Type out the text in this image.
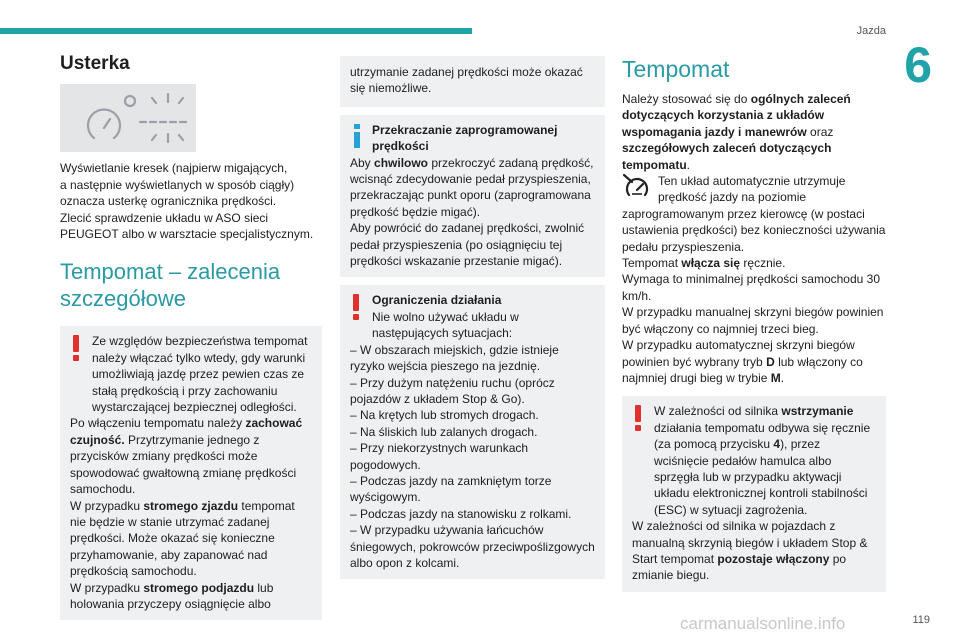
Jazda
6
Usterka
Wyświetlanie kresek (najpierw migających,
a następnie wyświetlanych w sposób ciągły)
oznacza usterkę ogranicznika prędkości.
Zlecić sprawdzenie układu w ASO sieci
PEUGEOT albo w warsztacie specjalistycznym.
Tempomat – zalecenia
szczegółowe

Ze względów bezpieczeństwa tempomat należy włączać tylko wtedy, gdy warunki umożliwiają jazdę przez pewien czas ze stałą prędkością i przy zachowaniu wystarczającej bezpiecznej odległości.

Po włączeniu tempomatu należy zachować czujność. Przytrzymanie jednego z przycisków zmiany prędkości może spowodować gwałtowną zmianę prędkości samochodu.

W przypadku stromego zjazdu tempomat nie będzie w stanie utrzymać zadanej prędkości. Może okazać się konieczne przyhamowanie, aby zapanować nad prędkością samochodu.

W przypadku stromego podjazdu lub holowania przyczepy osiągnięcie albo

utrzymanie zadanej prędkości może okazać się niemożliwe.

Przekraczanie zaprogramowanej prędkości

Aby chwilowo przekroczyć zadaną prędkość, wcisnąć zdecydowanie pedał przyspieszenia, przekraczając punkt oporu (zaprogramowana prędkość będzie migać).

Aby powrócić do zadanej prędkości, zwolnić pedał przyspieszenia (po osiągnięciu tej prędkości wskazanie przestanie migać).

Ograniczenia działania

Nie wolno używać układu w następujących sytuacjach:

– W obszarach miejskich, gdzie istnieje ryzyko wejścia pieszego na jezdnię.

– Przy dużym natężeniu ruchu (oprócz pojazdów z układem Stop & Go).

– Na krętych lub stromych drogach.

– Na śliskich lub zalanych drogach.

– Przy niekorzystnych warunkach pogodowych.

– Podczas jazdy na zamkniętym torze wyścigowym.

– Podczas jazdy na stanowisku z rolkami.

– W przypadku używania łańcuchów śniegowych, pokrowców przeciwpoślizgowych albo opon z kolcami.

Tempomat

Należy stosować się do ogólnych zaleceń dotyczących korzystania z układów wspomagania jazdy i manewrów oraz szczegółowych zaleceń dotyczących tempomatu.

Ten układ automatycznie utrzymuje prędkość jazdy na poziomie zaprogramowanym przez kierowcę (w postaci ustawienia prędkości) bez konieczności używania pedału przyspieszenia.

Tempomat włącza się ręcznie.

Wymaga to minimalnej prędkości samochodu 30 km/h.

W przypadku manualnej skrzyni biegów powinien być włączony co najmniej trzeci bieg.

W przypadku automatycznej skrzyni biegów powinien być wybrany tryb D lub włączony co najmniej drugi bieg w trybie M.

W zależności od silnika wstrzymanie działania tempomatu odbywa się ręcznie (za pomocą przycisku 4), przez wciśnięcie pedałów hamulca albo sprzęgła lub w przypadku aktywacji układu elektronicznej kontroli stabilności (ESC) w sytuacji zagrożenia.

W zależności od silnika w pojazdach z manualną skrzynią biegów i układem Stop & Start tempomat pozostaje włączony po zmianie biegu.

carmanualsonline.info	119
